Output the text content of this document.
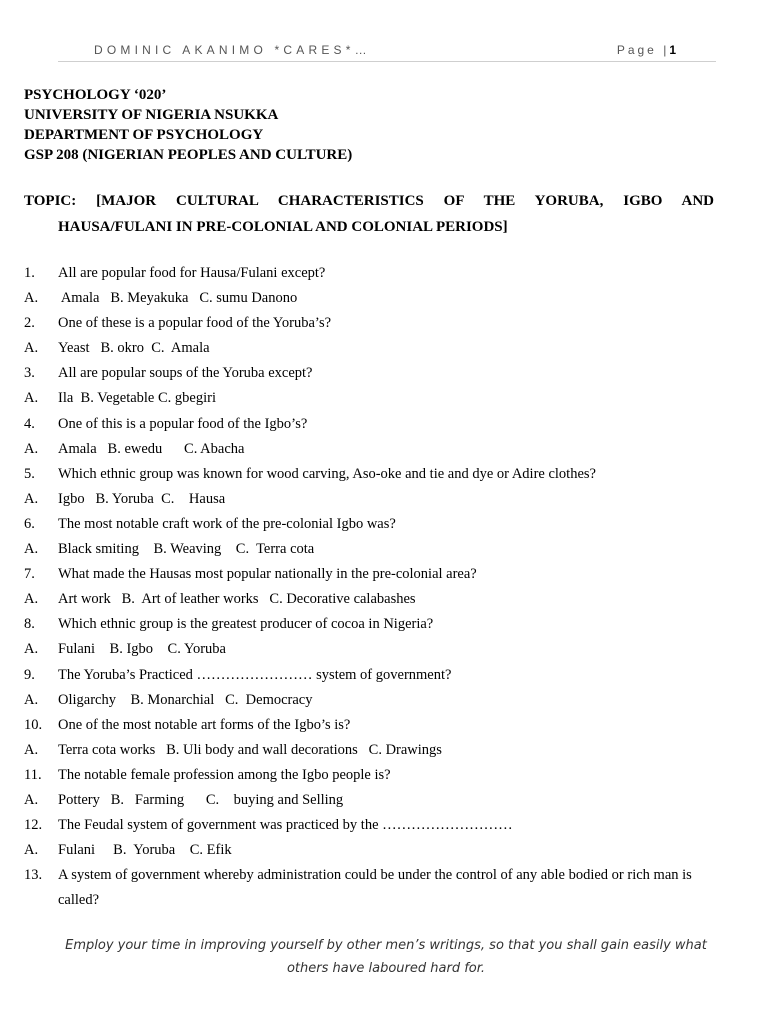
DOMINIC AKANIMO *CARES*…	Page |1
PSYCHOLOGY ‘020’
UNIVERSITY OF NIGERIA NSUKKA
DEPARTMENT OF PSYCHOLOGY
GSP 208 (NIGERIAN PEOPLES AND CULTURE)
TOPIC: [MAJOR CULTURAL CHARACTERISTICS OF THE YORUBA, IGBO AND
HAUSA/FULANI IN PRE-COLONIAL AND COLONIAL PERIODS]
1.	All are popular food for Hausa/Fulani except?
A.	Amala   B. Meyakuka   C. sumu Danono
2.	One of these is a popular food of the Yoruba’s?
A.	Yeast   B. okro  C.  Amala
3.	All are popular soups of the Yoruba except?
A.	Ila  B. Vegetable C. gbegiri
4.	One of this is a popular food of the Igbo’s?
A.	Amala   B. ewedu      C. Abacha
5.	Which ethnic group was known for wood carving, Aso-oke and tie and dye or Adire clothes?
A.	Igbo   B. Yoruba  C.    Hausa
6.	The most notable craft work of the pre-colonial Igbo was?
A.	Black smiting    B. Weaving    C.  Terra cota
7.	What made the Hausas most popular nationally in the pre-colonial area?
A.	Art work   B.  Art of leather works   C. Decorative calabashes
8.	Which ethnic group is the greatest producer of cocoa in Nigeria?
A.	Fulani    B. Igbo    C. Yoruba
9.	The Yoruba’s Practiced …………………… system of government?
A.	Oligarchy    B. Monarchial   C.  Democracy
10.	One of the most notable art forms of the Igbo’s is?
A.	Terra cota works   B. Uli body and wall decorations   C. Drawings
11.	The notable female profession among the Igbo people is?
A.	Pottery   B.   Farming      C.    buying and Selling
12.	The Feudal system of government was practiced by the ………………………
A.	Fulani     B.  Yoruba    C. Efik
13.	A system of government whereby administration could be under the control of any able bodied or rich man is called?
Employ your time in improving yourself by other men’s writings, so that you shall gain easily what
others have laboured hard for.
